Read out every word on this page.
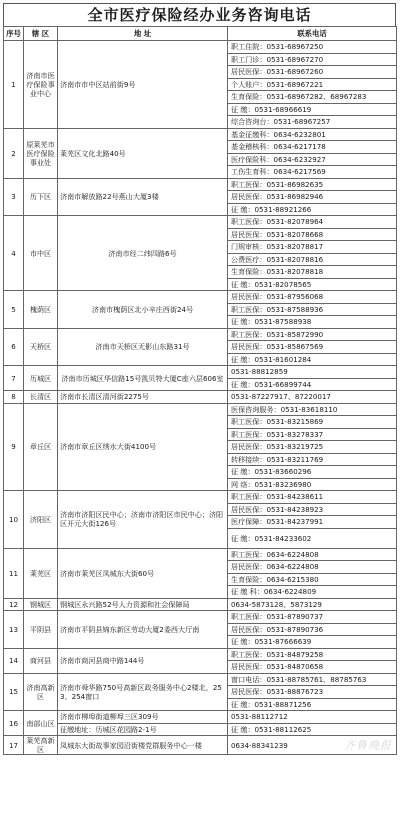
全市医疗保险经办业务咨询电话
序号	辖 区	地 址	联系电话
1	济南市医疗保险事业中心	济南市市中区站前街9号	职工住院：0531-68967250
			职工门诊：0531-68967270
			居民医保：0531-68967260
			个人账户：0531-68967221
			生育保险：0531-68967282、68967283
			征 缴：0531-68966619
			综合咨询台：0531-68967257
2	原莱芜市医疗保险事业处	莱芜区文化北路40号	基金征缴科：0634-6232801
			基金稽核科：0634-6217178
			医疗保险科：0634-6232927
			工伤生育科：0634-6217569
3	历下区	济南市解放路22号燕山大厦3楼	职工医保：0531-86982635
			居民医保：0531-86982946
			征 缴：0531-88921266
4	市中区	济南市经二纬四路6号	职工医保：0531-82078964
			居民医保：0531-82078668
			门规审核：0531-82078817
			公费医疗：0531-82078816
			生育保险：0531-82078818
			征 缴：0531-82078565
5	槐荫区	济南市槐荫区北小辛庄西街24号	居民医保：0531-87956068
			职工医保：0531-87588936
			征 缴：0531-87588938
6	天桥区	济南市天桥区无影山东路31号	职工医保：0531-85872990
			居民医保：0531-85867569
			征 缴：0531-81601284
7	历城区	济南市历城区华信路15号凯贝特大厦C座六层606室	0531-88812859
			征 缴：0531-66899744
8	长清区	济南市长清区清河街2275号	0531-87227917、87220017
9	章丘区	济南市章丘区绣水大街4100号	医保咨询服务：0531-83618110
			职工医保：0531-83215869
			职工医保：0531-83278337
			居民医保：0531-83219725
			转移接续：0531-83211769
			征 缴：0531-83660296
			网 络：0531-83236980
10	济阳区	济南市济阳区民中心；济南市济阳区市民中心；济阳区开元大街126号	职工医保：0531-84238611
			居民医保：0531-84238923
			医疗保障：0531-84237991
			征 缴：0531-84233602
11	莱芜区	济南市莱芜区凤城东大街60号	职工医保：0634-6224808
			居民医保：0634-6224808
			生育保险：0634-6215380
			征 缴 科：0634-6224809
12	钢城区	钢城区永兴路52号人力资源和社会保障局	0634-5873128、5873129
13	平阴县	济南市平阴县锦东新区劳动大厦2委西大厅南	职工医保：0531-87890737
			居民医保：0531-87890736
			征 缴：0531-87666639
14	商河县	济南市商河县商中路144号	职工医保：0531-84879258
			居民医保：0531-84870658
15	济南高新区	济南市舜华路750号高新区政务服务中心2楼北，253、254窗口	窗口电话：0531-88785761、88785763
			居民医保：0531-88876723
			征 缴：0531-88871256
16	南部山区	济南市柳埠街道柳埠三区309号	0531-88112712
		征缴地址：历城区花园路2-1号	征 缴：0531-88112625
17	莱芜高新区	凤城东大街故事家园沿街楼党群服务中心一楼	0634-88341239	齐鲁晚报
